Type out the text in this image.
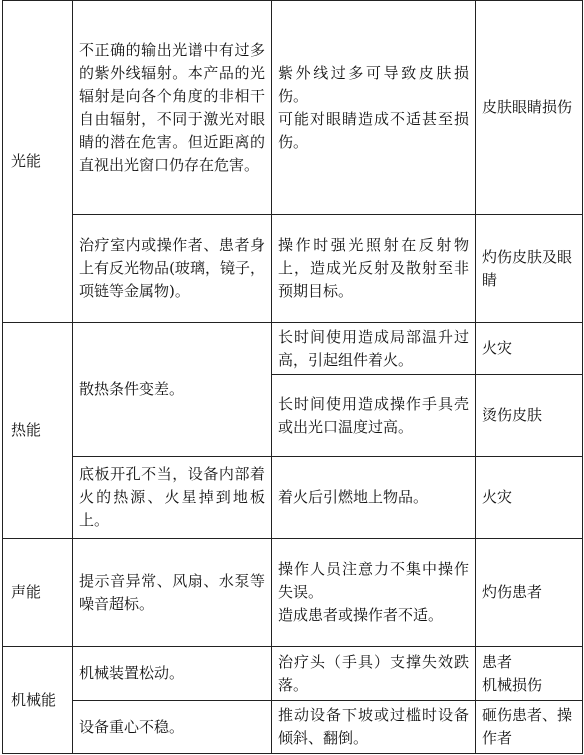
光能	不正确的输出光谱中有过多的紫外线辐射。本产品的光辐射是向各个角度的非相干自由辐射，不同于激光对眼睛的潜在危害。但近距离的直视出光窗口仍存在危害。	紫外线过多可导致皮肤损伤。
可能对眼睛造成不适甚至损伤。	皮肤眼睛损伤
	治疗室内或操作者、患者身上有反光物品(玻璃，镜子，项链等金属物)。	操作时强光照射在反射物上，造成光反射及散射至非预期目标。	灼伤皮肤及眼睛
热能	散热条件变差。	长时间使用造成局部温升过高，引起组件着火。	火灾
		长时间使用造成操作手具壳或出光口温度过高。	烫伤皮肤
	底板开孔不当，设备内部着火的热源、火星掉到地板上。	着火后引燃地上物品。	火灾
声能	提示音异常、风扇、水泵等噪音超标。	操作人员注意力不集中操作失误。
造成患者或操作者不适。	灼伤患者
机械能	机械装置松动。	治疗头（手具）支撑失效跌落。	患者
机械损伤

	设备重心不稳。	推动设备下坡或过槛时设备倾斜、翻倒。	砸伤患者、操作者
